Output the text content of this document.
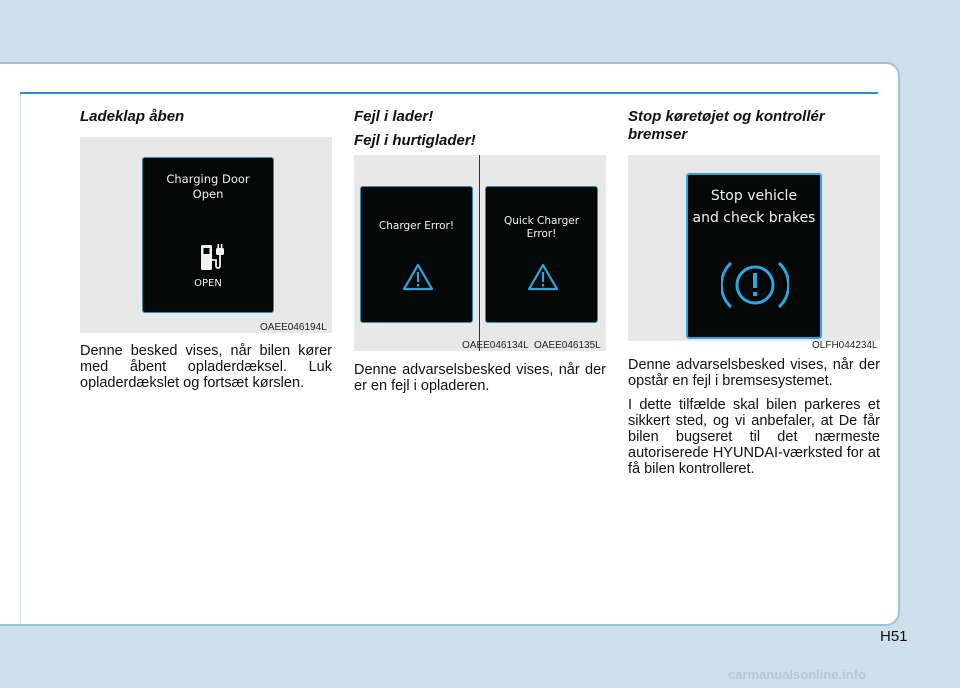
Ladeklap åben

Charging Door
Open
OPEN
OAEE046194L

Denne besked vises, når bilen kører med åbent opladerdæksel. Luk opladerdækslet og fortsæt kørslen.

Fejl i lader!

Fejl i hurtiglader!

Charger Error!	Quick Charger
Error!
OAEE046134L OAEE046135L

Denne advarselsbesked vises, når der er en fejl i opladeren.

Stop køretøjet og kontrollér

bremser

Stop vehicle
and check brakes
OLFH044234L

Denne advarselsbesked vises, når der opstår en fejl i bremsesystemet.

I dette tilfælde skal bilen parkeres et sikkert sted, og vi anbefaler, at De får bilen bugseret til det nærmeste autoriserede HYUNDAI-værksted for at få bilen kontrolleret.

H51
carmanualsonline.info
